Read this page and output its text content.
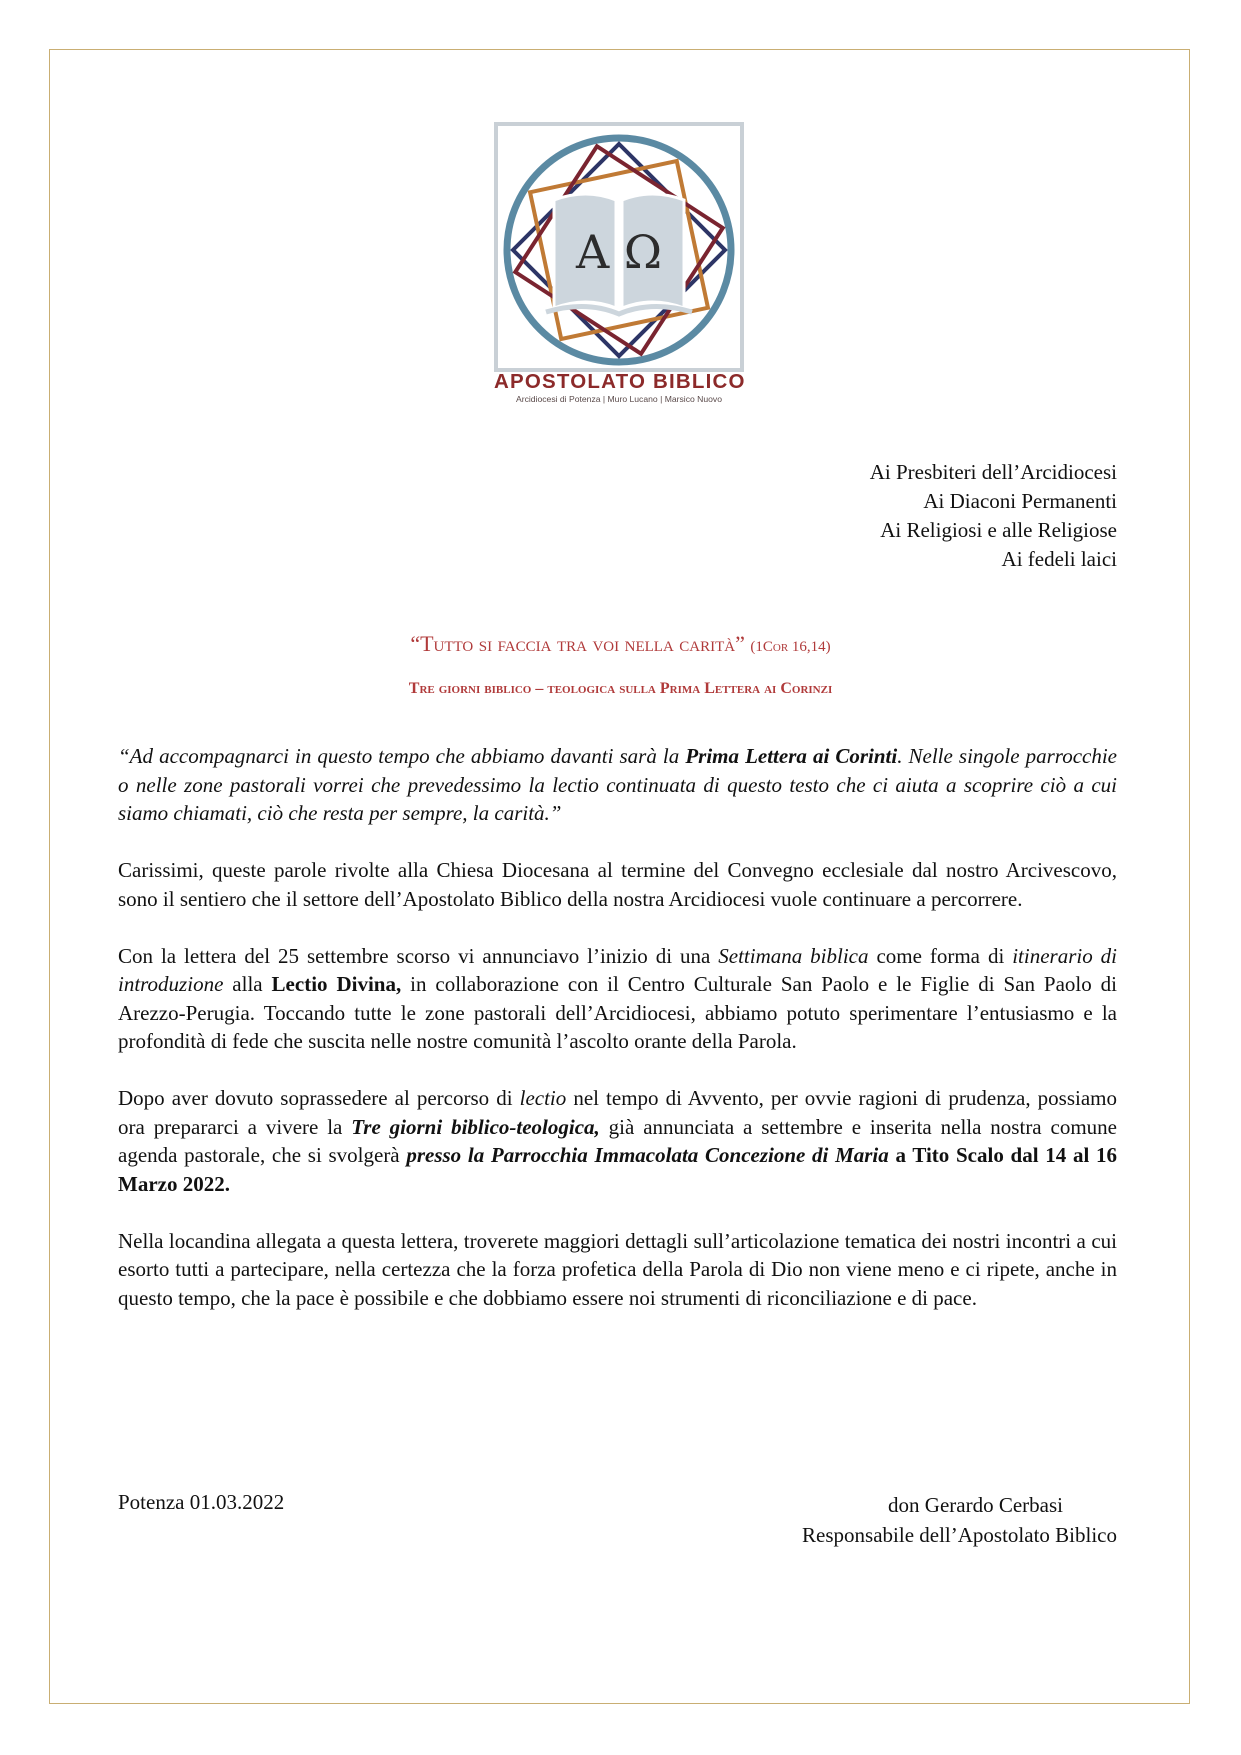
Α Ω
APOSTOLATO BIBLICO
Arcidiocesi di Potenza | Muro Lucano | Marsico Nuovo
Ai Presbiteri dell’Arcidiocesi
Ai Diaconi Permanenti
Ai Religiosi e alle Religiose
Ai fedeli laici
“Tutto si faccia tra voi nella carità” (1Cor 16,14)
Tre giorni biblico – teologica sulla Prima Lettera ai Corinzi

“Ad accompagnarci in questo tempo che abbiamo davanti sarà la Prima Lettera ai Corinti. Nelle singole parrocchie o nelle zone pastorali vorrei che prevedessimo la lectio continuata di questo testo che ci aiuta a scoprire ciò a cui siamo chiamati, ciò che resta per sempre, la carità.”

Carissimi, queste parole rivolte alla Chiesa Diocesana al termine del Convegno ecclesiale dal nostro Arcivescovo, sono il sentiero che il settore dell’Apostolato Biblico della nostra Arcidiocesi vuole continuare a percorrere.

Con la lettera del 25 settembre scorso vi annunciavo l’inizio di una Settimana biblica come forma di itinerario di introduzione alla Lectio Divina, in collaborazione con il Centro Culturale San Paolo e le Figlie di San Paolo di Arezzo-Perugia. Toccando tutte le zone pastorali dell’Arcidiocesi, abbiamo potuto sperimentare l’entusiasmo e la profondità di fede che suscita nelle nostre comunità l’ascolto orante della Parola.

Dopo aver dovuto soprassedere al percorso di lectio nel tempo di Avvento, per ovvie ragioni di prudenza, possiamo ora prepararci a vivere la Tre giorni biblico-teologica, già annunciata a settembre e inserita nella nostra comune agenda pastorale, che si svolgerà presso la Parrocchia Immacolata Concezione di Maria a Tito Scalo dal 14 al 16 Marzo 2022.

Nella locandina allegata a questa lettera, troverete maggiori dettagli sull’articolazione tematica dei nostri incontri a cui esorto tutti a partecipare, nella certezza che la forza profetica della Parola di Dio non viene meno e ci ripete, anche in questo tempo, che la pace è possibile e che dobbiamo essere noi strumenti di riconciliazione e di pace.

Potenza 01.03.2022	don Gerardo Cerbasi
Responsabile dell’Apostolato Biblico
